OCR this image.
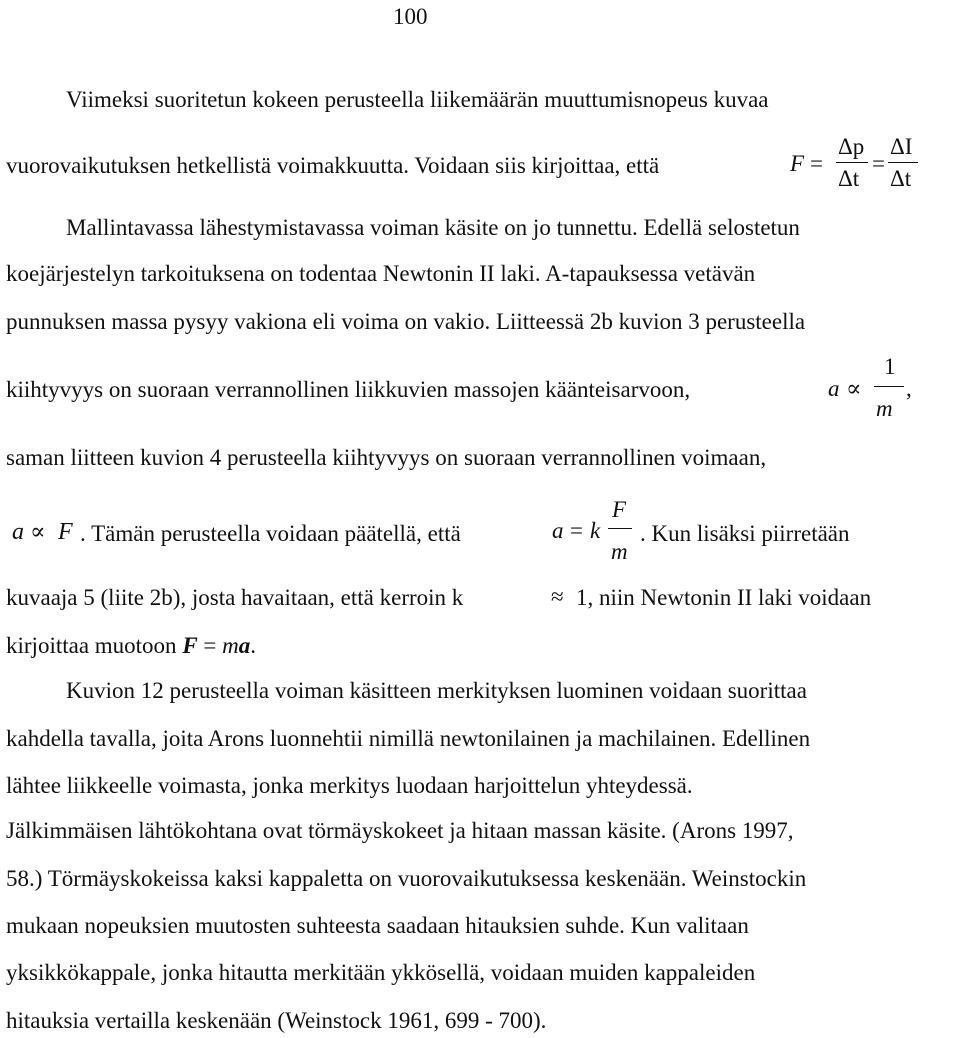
100
Viimeksi suoritetun kokeen perusteella liikemäärän muuttumisnopeus kuvaa
vuorovaikutuksen hetkellistä voimakkuutta. Voidaan siis kirjoittaa, että	F =
Δp
Δt
=
ΔI
Δt
Mallintavassa lähestymistavassa voiman käsite on jo tunnettu. Edellä selostetun
koejärjestelyn tarkoituksena on todentaa Newtonin II laki. A-tapauksessa vetävän
punnuksen massa pysyy vakiona eli voima on vakio. Liitteessä 2b kuvion 3 perusteella
kiihtyvyys on suoraan verrannollinen liikkuvien massojen käänteisarvoon,	a ∝
1
m
,
saman liitteen kuvion 4 perusteella kiihtyvyys on suoraan verrannollinen voimaan,
a ∝ F . Tämän perusteella voidaan päätellä, että	a = k
F
m
. Kun lisäksi piirretään
kuvaaja 5 (liite 2b), josta havaitaan, että kerroin k	≈ 1, niin Newtonin II laki voidaan
kirjoittaa muotoon F = ma.
Kuvion 12 perusteella voiman käsitteen merkityksen luominen voidaan suorittaa
kahdella tavalla, joita Arons luonnehtii nimillä newtonilainen ja machilainen. Edellinen
lähtee liikkeelle voimasta, jonka merkitys luodaan harjoittelun yhteydessä.
Jälkimmäisen lähtökohtana ovat törmäyskokeet ja hitaan massan käsite. (Arons 1997,
58.) Törmäyskokeissa kaksi kappaletta on vuorovaikutuksessa keskenään. Weinstockin
mukaan nopeuksien muutosten suhteesta saadaan hitauksien suhde. Kun valitaan
yksikkökappale, jonka hitautta merkitään ykkösellä, voidaan muiden kappaleiden
hitauksia vertailla keskenään (Weinstock 1961, 699 - 700).
